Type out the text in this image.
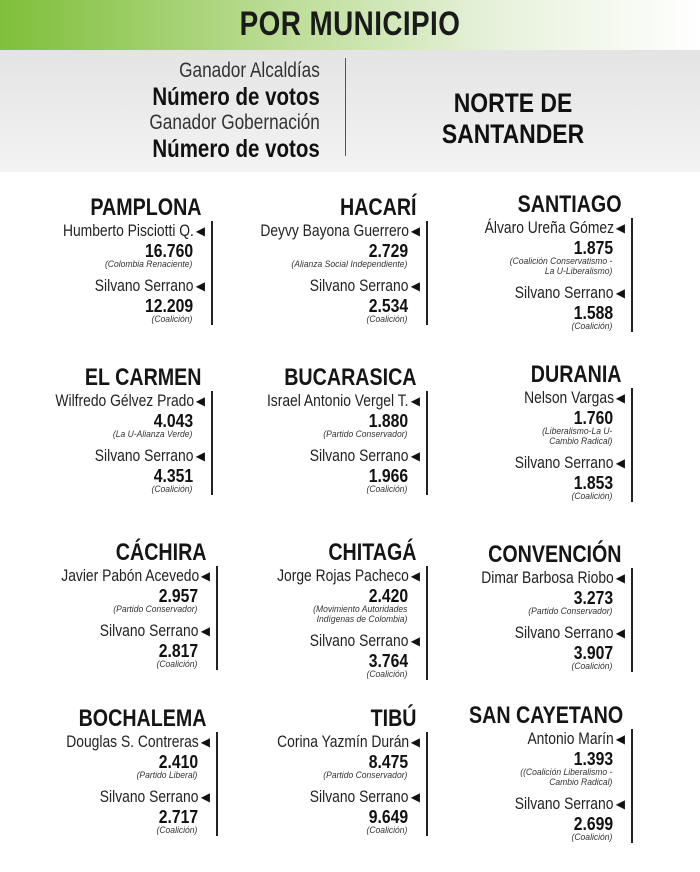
POR MUNICIPIO
Ganador Alcaldías
Número de votos
Ganador Gobernación
Número de votos
NORTE DE SANTANDER
PAMPLONA
Humberto Pisciotti Q. ◀
16.760
(Colombia Renaciente)
Silvano Serrano ◀
12.209
(Coalición)
HACARÍ
Deyvy Bayona Guerrero ◀
2.729
(Alianza Social Independiente)
Silvano Serrano ◀
2.534
(Coalición)
SANTIAGO
Álvaro Ureña Gómez ◀
1.875
(Coalición Conservatismo -La U-Liberalismo)
Silvano Serrano ◀
1.588
(Coalición)
EL CARMEN
Wilfredo Gélvez Prado ◀
4.043
(La U-Alianza Verde)
Silvano Serrano ◀
4.351
(Coalición)
BUCARASICA
Israel Antonio Vergel T. ◀
1.880
(Partido Conservador)
Silvano Serrano ◀
1.966
(Coalición)
DURANIA
Nelson Vargas ◀
1.760
(Liberalismo-La U-Cambio Radical)
Silvano Serrano ◀
1.853
(Coalición)
CÁCHIRA
Javier Pabón Acevedo ◀
2.957
(Partido Conservador)
Silvano Serrano ◀
2.817
(Coalición)
CHITAGÁ
Jorge Rojas Pacheco ◀
2.420
(Movimiento Autoridades Indígenas de Colombia)
Silvano Serrano ◀
3.764
(Coalición)
CONVENCIÓN
Dimar Barbosa Riobo ◀
3.273
(Partido Conservador)
Silvano Serrano ◀
3.907
(Coalición)
BOCHALEMA
Douglas S. Contreras ◀
2.410
(Partido Liberal)
Silvano Serrano ◀
2.717
(Coalición)
TIBÚ
Corina Yazmín Durán ◀
8.475
(Partido Conservador)
Silvano Serrano ◀
9.649
(Coalición)
SAN CAYETANO
Antonio Marín ◀
1.393
((Coalición Liberalismo -Cambio Radical)
Silvano Serrano ◀
2.699
(Coalición)
